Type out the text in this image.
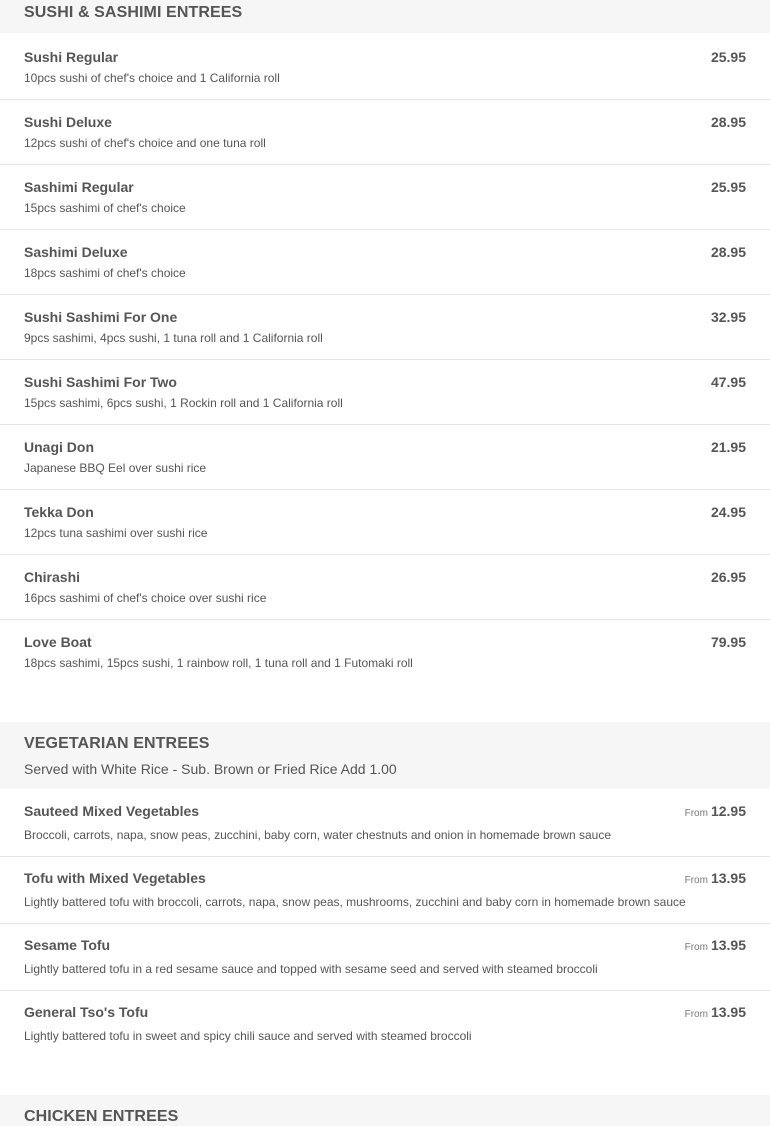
SUSHI & SASHIMI ENTREES
Sushi Regular
10pcs sushi of chef's choice and 1 California roll
25.95
Sushi Deluxe
12pcs sushi of chef's choice and one tuna roll
28.95
Sashimi Regular
15pcs sashimi of chef's choice
25.95
Sashimi Deluxe
18pcs sashimi of chef's choice
28.95
Sushi Sashimi For One
9pcs sashimi, 4pcs sushi, 1 tuna roll and 1 California roll
32.95
Sushi Sashimi For Two
15pcs sashimi, 6pcs sushi, 1 Rockin roll and 1 California roll
47.95
Unagi Don
Japanese BBQ Eel over sushi rice
21.95
Tekka Don
12pcs tuna sashimi over sushi rice
24.95
Chirashi
16pcs sashimi of chef's choice over sushi rice
26.95
Love Boat
18pcs sashimi, 15pcs sushi, 1 rainbow roll, 1 tuna roll and 1 Futomaki roll
79.95
VEGETARIAN ENTREES
Served with White Rice - Sub. Brown or Fried Rice Add 1.00
Sauteed Mixed Vegetables
Broccoli, carrots, napa, snow peas, zucchini, baby corn, water chestnuts and onion in homemade brown sauce
From 12.95
Tofu with Mixed Vegetables
Lightly battered tofu with broccoli, carrots, napa, snow peas, mushrooms, zucchini and baby corn in homemade brown sauce
From 13.95
Sesame Tofu
Lightly battered tofu in a red sesame sauce and topped with sesame seed and served with steamed broccoli
From 13.95
General Tso's Tofu
Lightly battered tofu in sweet and spicy chili sauce and served with steamed broccoli
From 13.95
CHICKEN ENTREES
